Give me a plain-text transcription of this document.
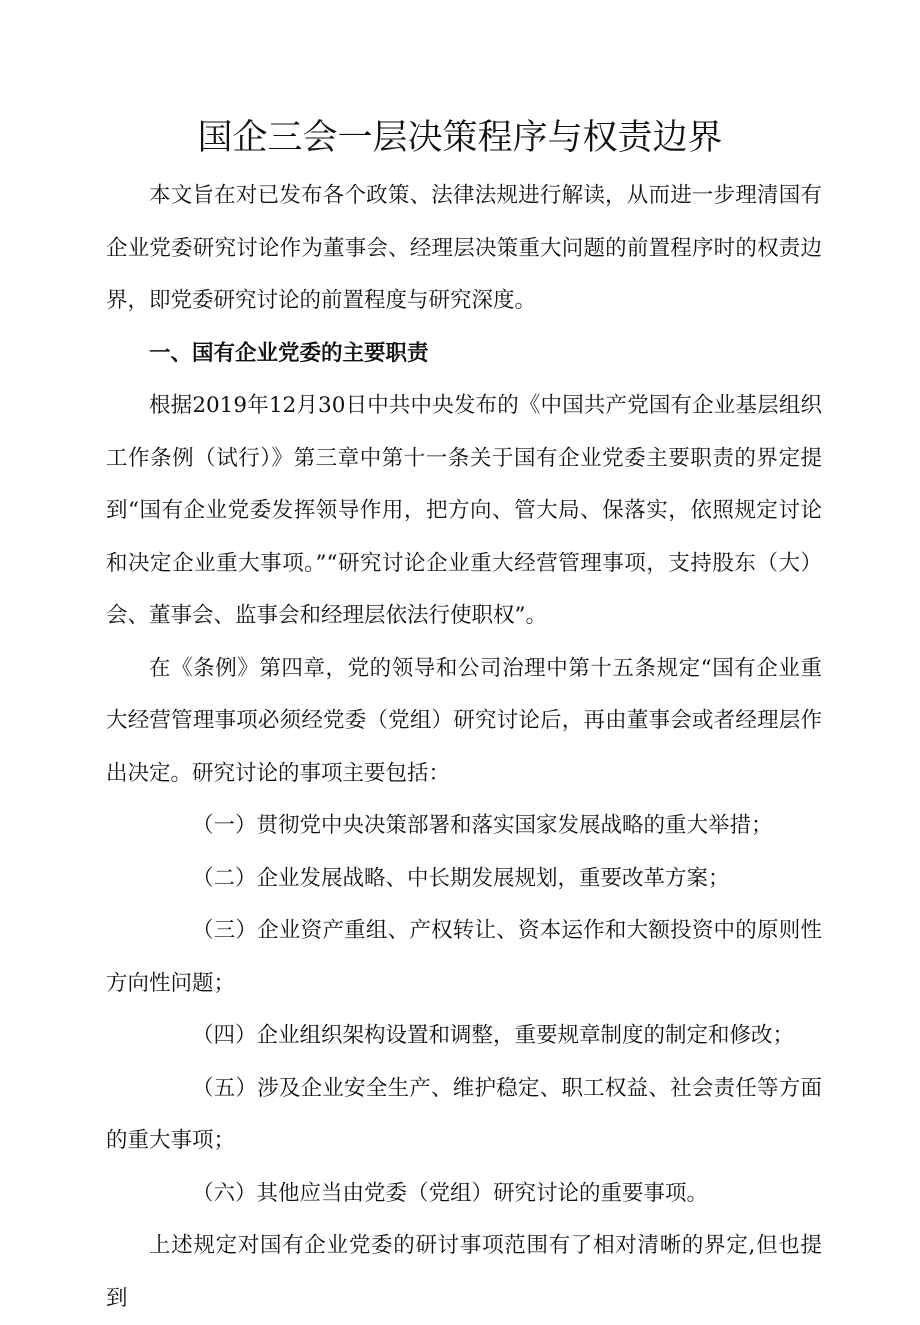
国企三会一层决策程序与权责边界

本文旨在对已发布各个政策、法律法规进行解读，从而进一步理清国有企业党委研究讨论作为董事会、经理层决策重大问题的前置程序时的权责边界，即党委研究讨论的前置程度与研究深度。

一、国有企业党委的主要职责

根据2019年12月30日中共中央发布的《中国共产党国有企业基层组织工作条例（试行）》第三章中第十一条关于国有企业党委主要职责的界定提到“国有企业党委发挥领导作用，把方向、管大局、保落实，依照规定讨论和决定企业重大事项。”“研究讨论企业重大经营管理事项，支持股东（大）会、董事会、监事会和经理层依法行使职权”。

在《条例》第四章，党的领导和公司治理中第十五条规定“国有企业重大经营管理事项必须经党委（党组）研究讨论后，再由董事会或者经理层作出决定。研究讨论的事项主要包括：

（一）贯彻党中央决策部署和落实国家发展战略的重大举措；

（二）企业发展战略、中长期发展规划，重要改革方案；

（三）企业资产重组、产权转让、资本运作和大额投资中的原则性方向性问题；

（四）企业组织架构设置和调整，重要规章制度的制定和修改；

（五）涉及企业安全生产、维护稳定、职工权益、社会责任等方面的重大事项；

（六）其他应当由党委（党组）研究讨论的重要事项。

上述规定对国有企业党委的研讨事项范围有了相对清晰的界定,但也提到
